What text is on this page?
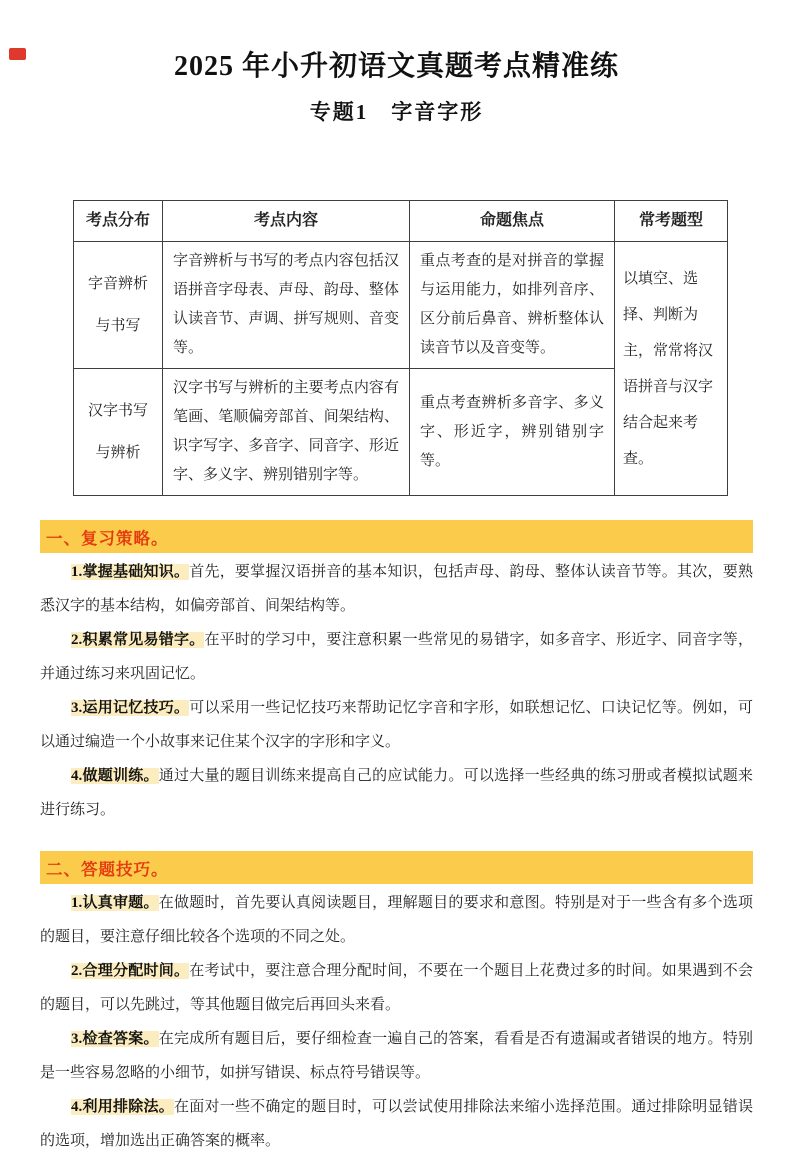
2025 年小升初语文真题考点精准练
专题1　字音字形
考点分布	考点内容	命题焦点	常考题型
字音辨析与书写	字音辨析与书写的考点内容包括汉语拼音字母表、声母、韵母、整体认读音节、声调、拼写规则、音变等。	重点考查的是对拼音的掌握与运用能力，如排列音序、区分前后鼻音、辨析整体认读音节以及音变等。	以填空、选择、判断为主，常常将汉语拼音与汉字结合起来考查。
汉字书写与辨析	汉字书写与辨析的主要考点内容有笔画、笔顺偏旁部首、间架结构、识字写字、多音字、同音字、形近字、多义字、辨别错别字等。	重点考查辨析多音字、多义字、形近字，辨别错别字等。	
一、复习策略。

1.掌握基础知识。首先，要掌握汉语拼音的基本知识，包括声母、韵母、整体认读音节等。其次，要熟悉汉字的基本结构，如偏旁部首、间架结构等。

2.积累常见易错字。在平时的学习中，要注意积累一些常见的易错字，如多音字、形近字、同音字等，并通过练习来巩固记忆。

3.运用记忆技巧。可以采用一些记忆技巧来帮助记忆字音和字形，如联想记忆、口诀记忆等。例如，可以通过编造一个小故事来记住某个汉字的字形和字义。

4.做题训练。通过大量的题目训练来提高自己的应试能力。可以选择一些经典的练习册或者模拟试题来进行练习。

二、答题技巧。

1.认真审题。在做题时，首先要认真阅读题目，理解题目的要求和意图。特别是对于一些含有多个选项的题目，要注意仔细比较各个选项的不同之处。

2.合理分配时间。在考试中，要注意合理分配时间，不要在一个题目上花费过多的时间。如果遇到不会的题目，可以先跳过，等其他题目做完后再回头来看。

3.检查答案。在完成所有题目后，要仔细检查一遍自己的答案，看看是否有遗漏或者错误的地方。特别是一些容易忽略的小细节，如拼写错误、标点符号错误等。

4.利用排除法。在面对一些不确定的题目时，可以尝试使用排除法来缩小选择范围。通过排除明显错误的选项，增加选出正确答案的概率。
